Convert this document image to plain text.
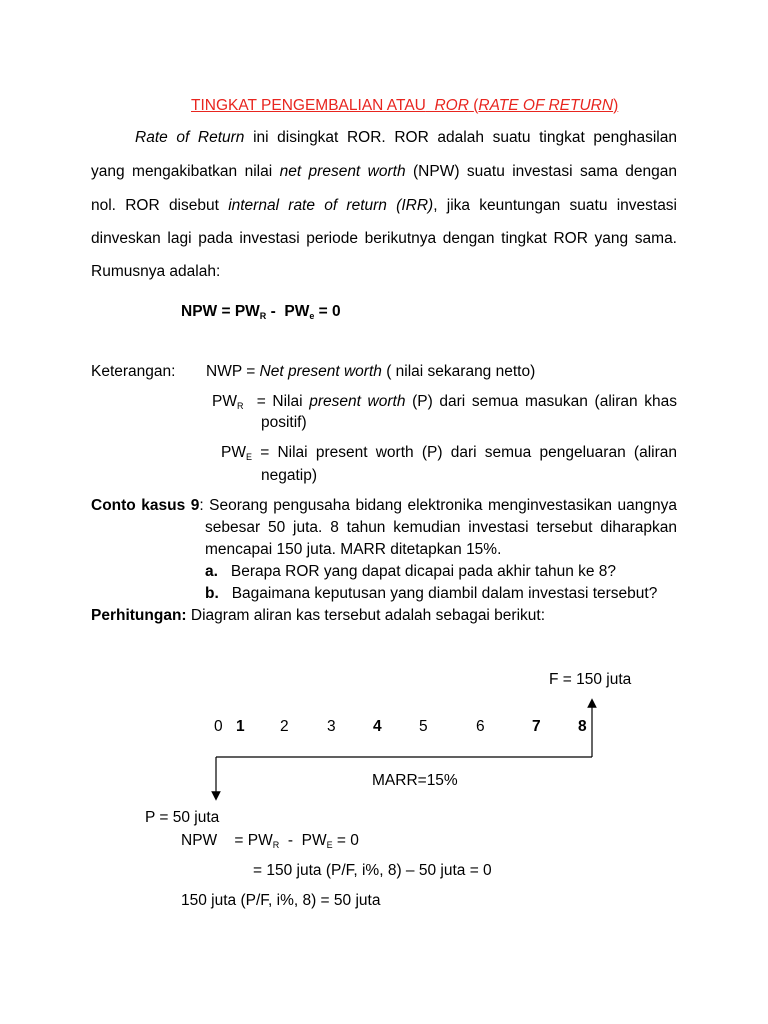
TINGKAT PENGEMBALIAN ATAU ROR (RATE OF RETURN)
Rate of Return ini disingkat ROR. ROR adalah suatu tingkat penghasilan
yang mengakibatkan nilai net present worth (NPW) suatu investasi sama dengan
nol. ROR disebut internal rate of return (IRR), jika keuntungan suatu investasi
dinveskan lagi pada investasi periode berikutnya dengan tingkat ROR yang sama.
Rumusnya adalah:
NPW = $PW_R - PW_e = 0$
Keterangan: NWP = Net present worth ( nilai sekarang netto)
$PW_R$  = Nilai present worth (P) dari semua masukan (aliran khas
positif)
$PW_E$ = Nilai present worth (P) dari semua pengeluaran (aliran
negatip)
Conto kasus 9: Seorang pengusaha bidang elektronika menginvestasikan uangnya
sebesar 50 juta. 8 tahun kemudian investasi tersebut diharapkan
mencapai 150 juta. MARR ditetapkan 15%.
a. Berapa ROR yang dapat dicapai pada akhir tahun ke 8?
b. Bagaimana keputusan yang diambil dalam investasi tersebut?
Perhitungan: Diagram aliran kas tersebut adalah sebagai berikut:
F = 150 juta
0 1 2 3 4 5	6	7 8
MARR=15%
P = 50 juta
NPW    = $PW_R - PW_E = 0$
= 150 juta (P/F, i%, 8) – 50 juta = 0
150 juta (P/F, i%, 8) = 50 juta
